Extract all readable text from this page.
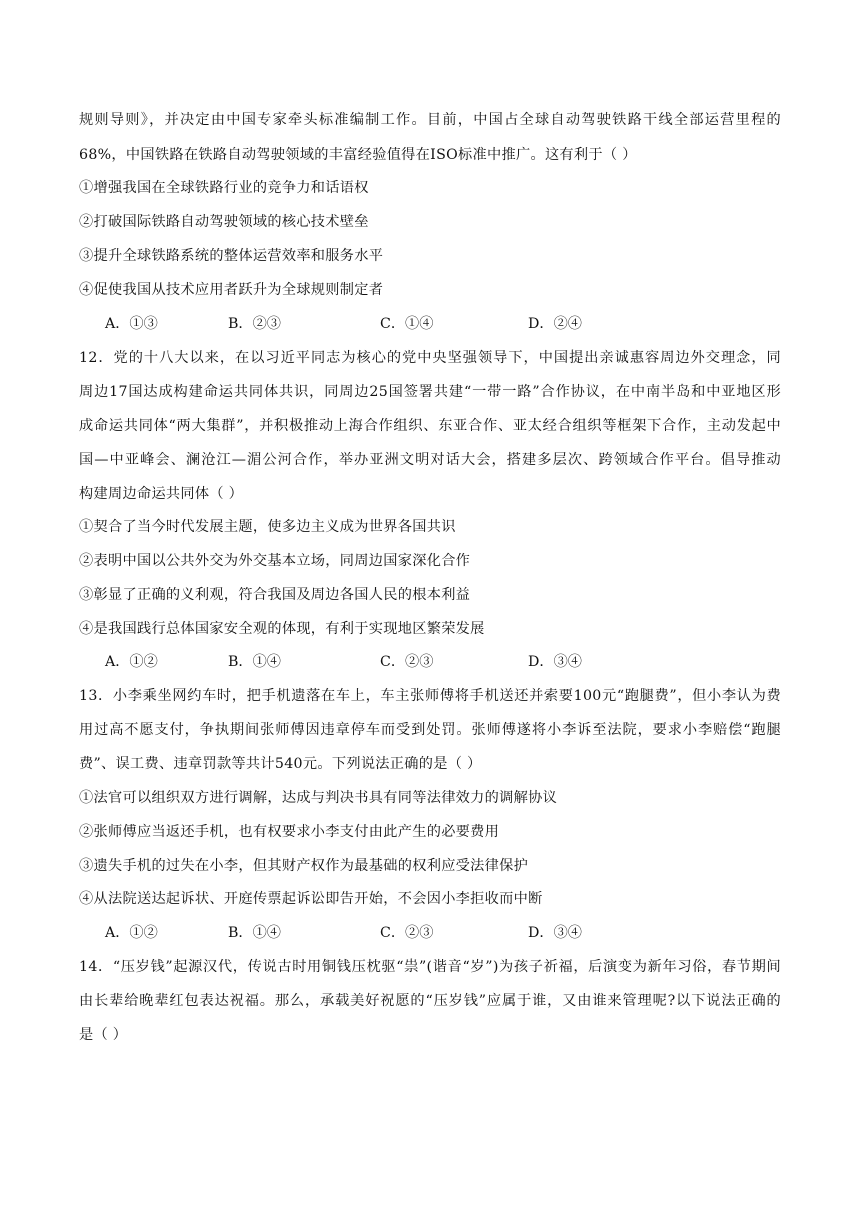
规则导则》，并决定由中国专家牵头标准编制工作。目前，中国占全球自动驾驶铁路干线全部运营里程的
68%，中国铁路在铁路自动驾驶领域的丰富经验值得在ISO标准中推广。这有利于（ ）
①增强我国在全球铁路行业的竞争力和话语权
②打破国际铁路自动驾驶领域的核心技术壁垒
③提升全球铁路系统的整体运营效率和服务水平
④促使我国从技术应用者跃升为全球规则制定者
A．①③	B．②③	C．①④	D．②④
12．党的十八大以来，在以习近平同志为核心的党中央坚强领导下，中国提出亲诚惠容周边外交理念，同
周边17国达成构建命运共同体共识，同周边25国签署共建“一带一路”合作协议，在中南半岛和中亚地区形
成命运共同体“两大集群”，并积极推动上海合作组织、东亚合作、亚太经合组织等框架下合作，主动发起中
国—中亚峰会、澜沧江—湄公河合作，举办亚洲文明对话大会，搭建多层次、跨领域合作平台。倡导推动
构建周边命运共同体（ ）
①契合了当今时代发展主题，使多边主义成为世界各国共识
②表明中国以公共外交为外交基本立场，同周边国家深化合作
③彰显了正确的义利观，符合我国及周边各国人民的根本利益
④是我国践行总体国家安全观的体现，有利于实现地区繁荣发展
A．①②	B．①④	C．②③	D．③④
13．小李乘坐网约车时，把手机遗落在车上，车主张师傅将手机送还并索要100元“跑腿费”，但小李认为费
用过高不愿支付，争执期间张师傅因违章停车而受到处罚。张师傅遂将小李诉至法院，要求小李赔偿“跑腿
费”、误工费、违章罚款等共计540元。下列说法正确的是（ ）
①法官可以组织双方进行调解，达成与判决书具有同等法律效力的调解协议
②张师傅应当返还手机，也有权要求小李支付由此产生的必要费用
③遗失手机的过失在小李，但其财产权作为最基础的权利应受法律保护
④从法院送达起诉状、开庭传票起诉讼即告开始，不会因小李拒收而中断
A．①②	B．①④	C．②③	D．③④
14．“压岁钱”起源汉代，传说古时用铜钱压枕驱“祟”(谐音“岁”)为孩子祈福，后演变为新年习俗，春节期间
由长辈给晚辈红包表达祝福。那么，承载美好祝愿的“压岁钱”应属于谁，又由谁来管理呢?以下说法正确的
是（ ）
